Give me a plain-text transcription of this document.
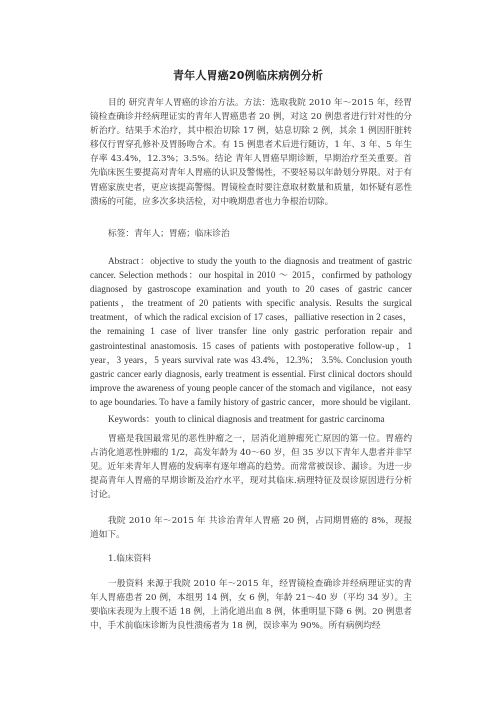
青年人胃癌20例临床病例分析

目的 研究青年人胃癌的诊治方法。方法：选取我院 2010 年～2015 年，经胃镜检查确诊并经病理证实的青年人胃癌患者 20 例，对这 20 例患者进行针对性的分析治疗。结果手术治疗，其中根治切除 17 例，姑息切除 2 例，其余 1 例因肝脏转移仅行胃穿孔修补及胃肠吻合术。有 15 例患者术后进行随访，1 年、3 年、5 年生存率 43.4%，12.3%；3.5%。结论 青年人胃癌早期诊断，早期治疗至关重要。首先临床医生要提高对青年人胃癌的认识及警惕性，不要轻易以年龄划分界限。对于有胃癌家族史者，更应该提高警惕。胃镜检查时要注意取材数量和质量，如怀疑有恶性溃疡的可能，应多次多块活检，对中晚期患者也力争根治切除。

标签：青年人；胃癌；临床诊治

Abstract：objective to study the youth to the diagnosis and treatment of gastric cancer. Selection methods：our hospital in 2010 ～ 2015，confirmed by pathology diagnosed by gastroscope examination and youth to 20 cases of gastric cancer patients，the treatment of 20 patients with specific analysis. Results the surgical treatment，of which the radical excision of 17 cases，palliative resection in 2 cases，the remaining 1 case of liver transfer line only gastric perforation repair and gastrointestinal anastomosis. 15 cases of patients with postoperative follow-up，1 year，3 years，5 years survival rate was 43.4%，12.3%； 3.5%. Conclusion youth gastric cancer early diagnosis, early treatment is essential. First clinical doctors should improve the awareness of young people cancer of the stomach and vigilance，not easy to age boundaries. To have a family history of gastric cancer，more should be vigilant.

Keywords：youth to clinical diagnosis and treatment for gastric carcinoma

胃癌是我国最常见的恶性肿瘤之一，居消化道肿瘤死亡原因的第一位。胃癌约占消化道恶性肿瘤的 1/2，高发年龄为 40～60 岁，但 35 岁以下青年人患者并非罕见。近年来青年人胃癌的发病率有逐年增高的趋势。而常常被误诊、漏诊。为进一步提高青年人胃癌的早期诊断及治疗水平，现对其临床.病理特征及误诊原因进行分析讨论。

我院 2010 年～2015 年 共诊治青年人胃癌 20 例，占同期胃癌的 8%，现报道如下。

1.临床资料

一般资料 来源于我院 2010 年～2015 年，经胃镜检查确诊并经病理证实的青年人胃癌患者 20 例，本组男 14 例，女 6 例，年龄 21～40 岁（平均 34 岁）。主要临床表现为上腹不适 18 例，上消化道出血 8 例，体重明显下降 6 例。20 例患者中，手术前临床诊断为良性溃疡者为 18 例，误诊率为 90%。所有病例均经
